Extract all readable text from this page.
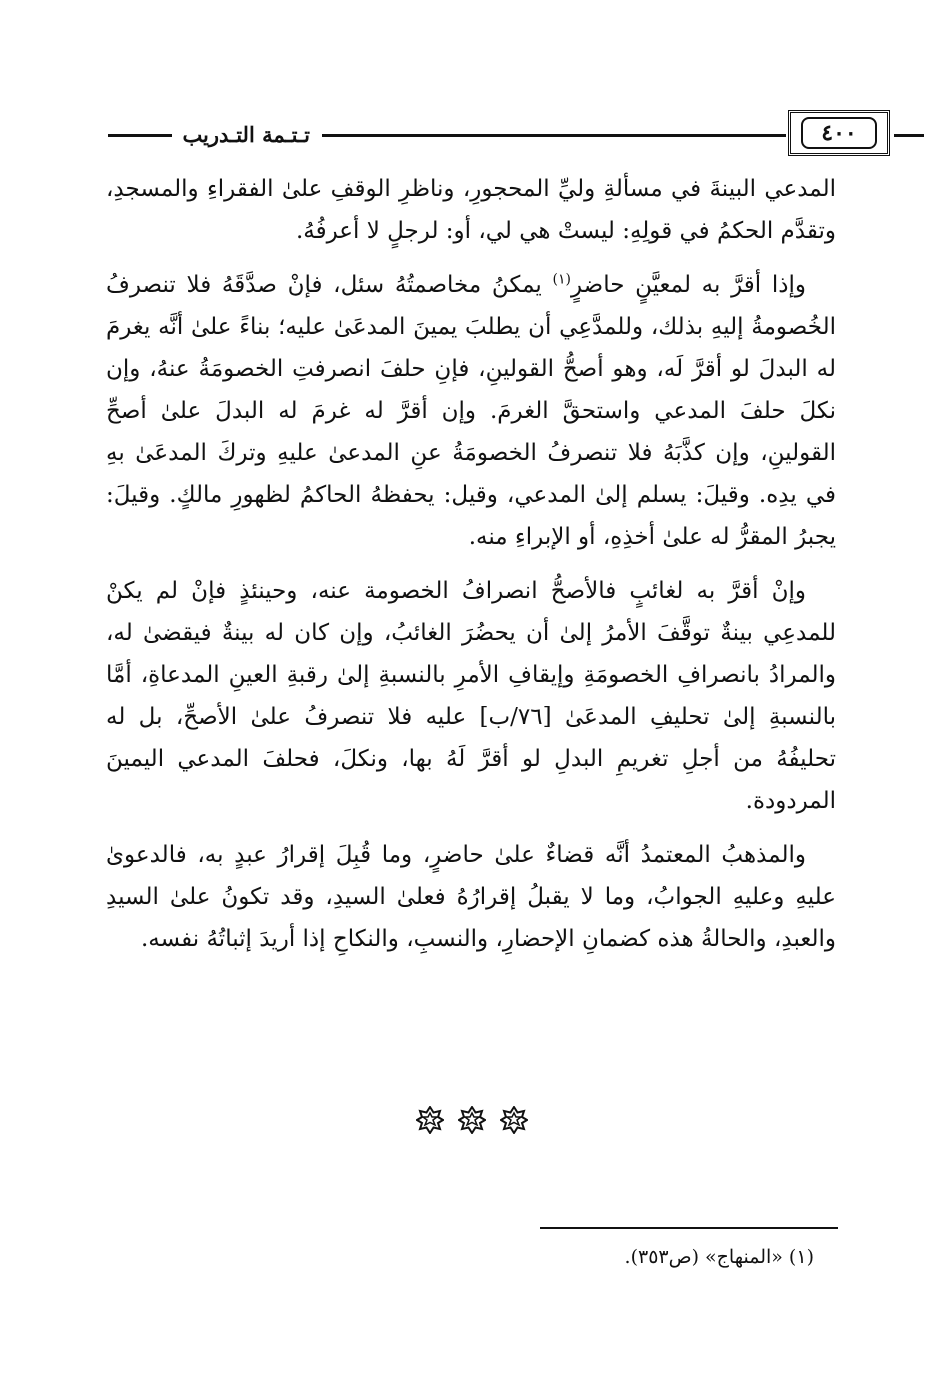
تـتـمة التـدريب	٤٠٠

المدعي البينةَ في مسألةِ وليِّ المحجورِ، وناظرِ الوقفِ علىٰ الفقراءِ والمسجدِ، وتقدَّم الحكمُ في قولِهِ: ليستْ هي لي، أو: لرجلٍ لا أعرفُهُ.

وإذا أقرَّ به لمعيَّنٍ حاضرٍ$^{(١)}$ يمكنُ مخاصمتُهُ سئل، فإنْ صدَّقَهُ فلا تنصرفُ الخُصومةُ إليهِ بذلك، وللمدَّعِي أن يطلبَ يمينَ المدعَىٰ عليه؛ بناءً علىٰ أنَّه يغرمَ له البدلَ لو أقرَّ لَه، وهو أصحُّ القولينِ، فإنِ حلفَ انصرفتِ الخصومَةُ عنهُ، وإن نكلَ حلفَ المدعي واستحقَّ الغرمَ. وإن أقرَّ له غرمَ له البدلَ علىٰ أصحِّ القولينِ، وإن كذَّبَهُ فلا تنصرفُ الخصومَةُ عنِ المدعىٰ عليهِ وتركَ المدعَىٰ بهِ في يدِه. وقيلَ: يسلم إلىٰ المدعي، وقيل: يحفظهُ الحاكمُ لظهورِ مالكٍ. وقيلَ: يجبرُ المقرُّ له علىٰ أخذِهِ، أو الإبراءِ منه.

وإنْ أقرَّ به لغائبٍ فالأصحُّ انصرافُ الخصومة عنه، وحينئذٍ فإنْ لم يكنْ للمدعِي بينةٌ توقَّفَ الأمرُ إلىٰ أن يحضُرَ الغائبُ، وإن كان له بينةٌ فيقضىٰ له، والمرادُ بانصرافِ الخصومَةِ وإيقافِ الأمرِ بالنسبةِ إلىٰ رقبةِ العينِ المدعاةِ، أمَّا بالنسبةِ إلىٰ تحليفِ المدعَىٰ [٧٦/ب] عليه فلا تنصرفُ علىٰ الأصحِّ، بل له تحليفُهُ من أجلِ تغريمِ البدلِ لو أقرَّ لَهُ بها، ونكلَ، فحلفَ المدعي اليمينَ المردودة.

والمذهبُ المعتمدُ أنَّه قضاءٌ علىٰ حاضرٍ، وما قُبِلَ إقرارُ عبدٍ به، فالدعوىٰ عليهِ وعليهِ الجوابُ، وما لا يقبلُ إقرارُهُ فعلىٰ السيدِ، وقد تكونُ علىٰ السيدِ والعبدِ، والحالةُ هذه كضمانِ الإحضارِ، والنسبِ، والنكاحِ إذا أريدَ إثباتُهُ نفسه.

(١) «المنهاج» (ص٣٥٣).
